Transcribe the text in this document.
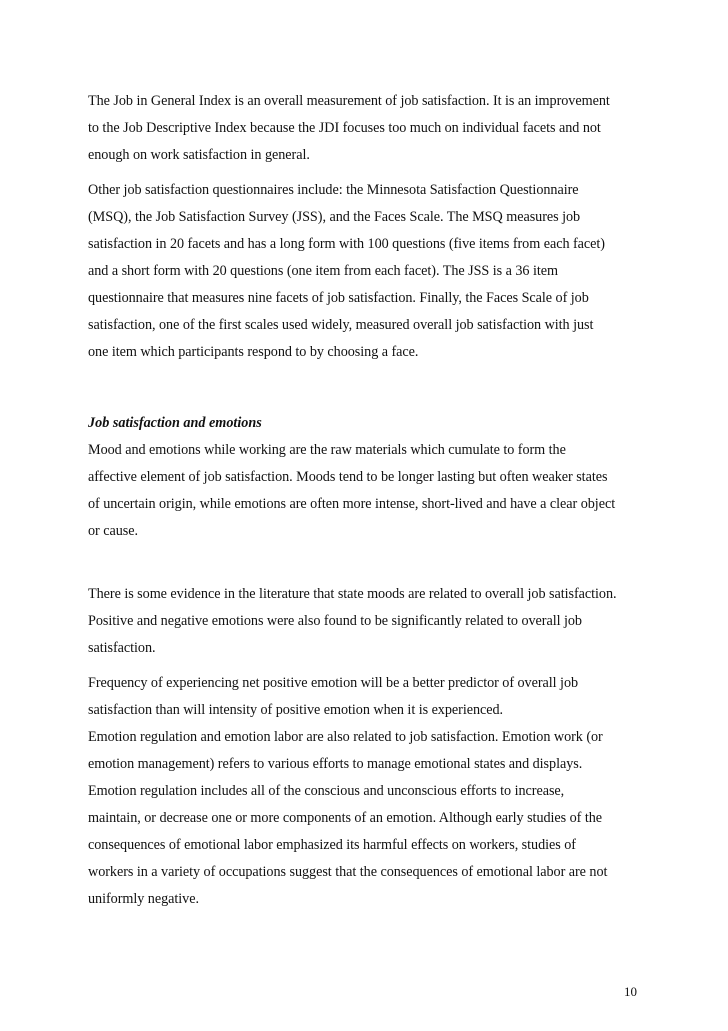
The Job in General Index is an overall measurement of job satisfaction. It is an improvement
to the Job Descriptive Index because the JDI focuses too much on individual facets and not
enough on work satisfaction in general.

Other job satisfaction questionnaires include: the Minnesota Satisfaction Questionnaire
(MSQ), the Job Satisfaction Survey (JSS), and the Faces Scale. The MSQ measures job
satisfaction in 20 facets and has a long form with 100 questions (five items from each facet)
and a short form with 20 questions (one item from each facet). The JSS is a 36 item
questionnaire that measures nine facets of job satisfaction. Finally, the Faces Scale of job
satisfaction, one of the first scales used widely, measured overall job satisfaction with just
one item which participants respond to by choosing a face.

Job satisfaction and emotions

Mood and emotions while working are the raw materials which cumulate to form the
affective element of job satisfaction. Moods tend to be longer lasting but often weaker states
of uncertain origin, while emotions are often more intense, short-lived and have a clear object
or cause.

There is some evidence in the literature that state moods are related to overall job satisfaction.
Positive and negative emotions were also found to be significantly related to overall job
satisfaction.

Frequency of experiencing net positive emotion will be a better predictor of overall job
satisfaction than will intensity of positive emotion when it is experienced.
Emotion regulation and emotion labor are also related to job satisfaction. Emotion work (or
emotion management) refers to various efforts to manage emotional states and displays.
Emotion regulation includes all of the conscious and unconscious efforts to increase,
maintain, or decrease one or more components of an emotion. Although early studies of the
consequences of emotional labor emphasized its harmful effects on workers, studies of
workers in a variety of occupations suggest that the consequences of emotional labor are not
uniformly negative.

10
